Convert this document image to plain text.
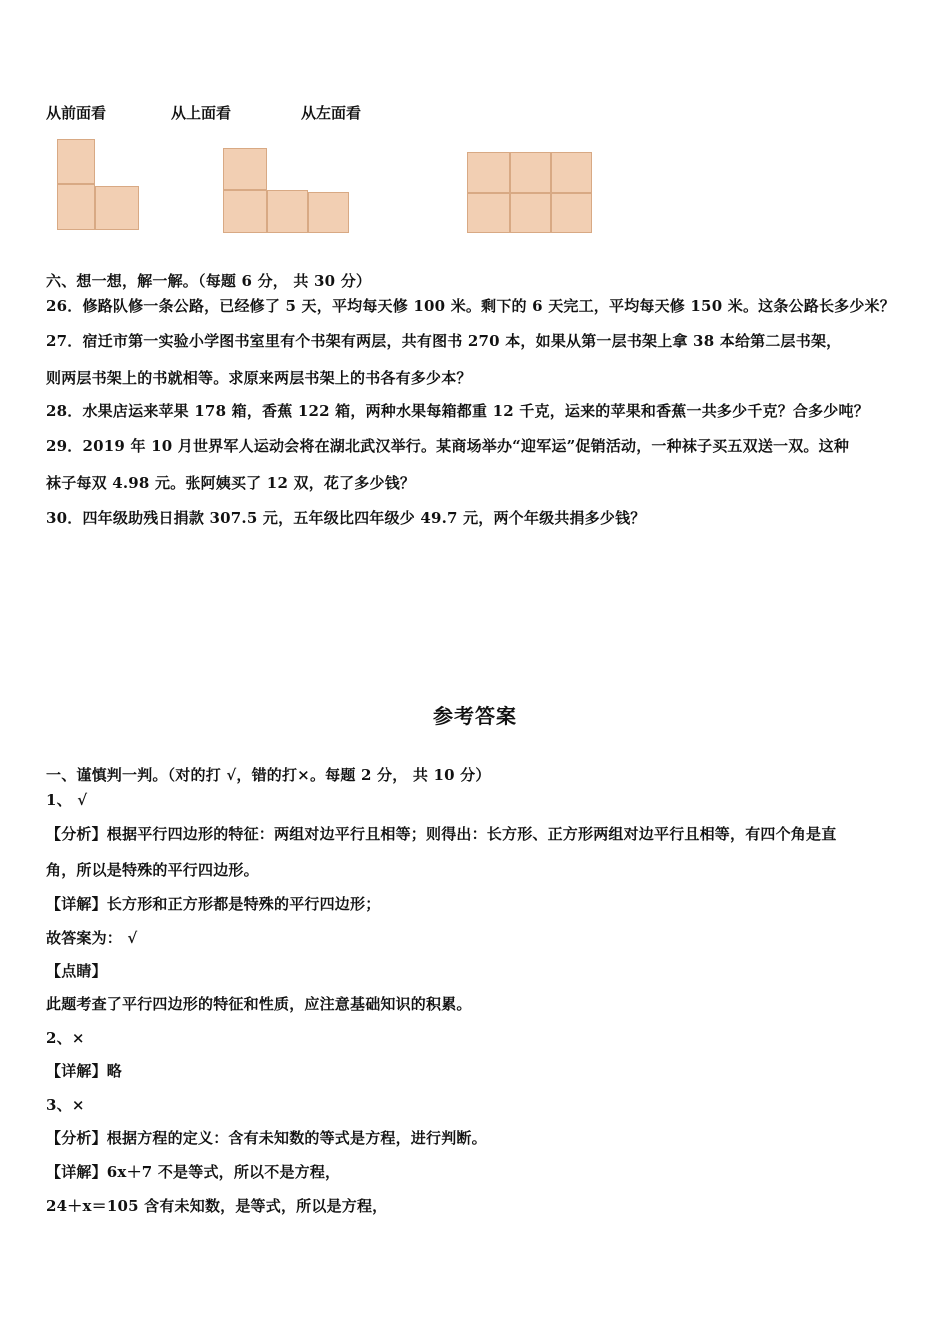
从前面看	从上面看	从左面看
六、想一想，解一解。（每题 6 分， 共 30 分）
26．修路队修一条公路，已经修了 5 天，平均每天修 100 米。剩下的 6 天完工，平均每天修 150 米。这条公路长多少米？
27．宿迁市第一实验小学图书室里有个书架有两层，共有图书 270 本，如果从第一层书架上拿 38 本给第二层书架，
则两层书架上的书就相等。求原来两层书架上的书各有多少本？
28．水果店运来苹果 178 箱，香蕉 122 箱，两种水果每箱都重 12 千克，运来的苹果和香蕉一共多少千克？合多少吨？
29．2019 年 10 月世界军人运动会将在湖北武汉举行。某商场举办“迎军运”促销活动，一种袜子买五双送一双。这种
袜子每双 4.98 元。张阿姨买了 12 双，花了多少钱？
30．四年级助残日捐款 307.5 元，五年级比四年级少 49.7 元，两个年级共捐多少钱？
参考答案
一、谨慎判一判。（对的打 √，错的打×。每题 2 分， 共 10 分）
1、 √
【分析】根据平行四边形的特征：两组对边平行且相等；则得出：长方形、正方形两组对边平行且相等，有四个角是直
角，所以是特殊的平行四边形。
【详解】长方形和正方形都是特殊的平行四边形；
故答案为： √
【点睛】
此题考查了平行四边形的特征和性质，应注意基础知识的积累。
2、×
【详解】略
3、×
【分析】根据方程的定义：含有未知数的等式是方程，进行判断。
【详解】6x＋7 不是等式，所以不是方程，
24＋x＝105 含有未知数，是等式，所以是方程，
